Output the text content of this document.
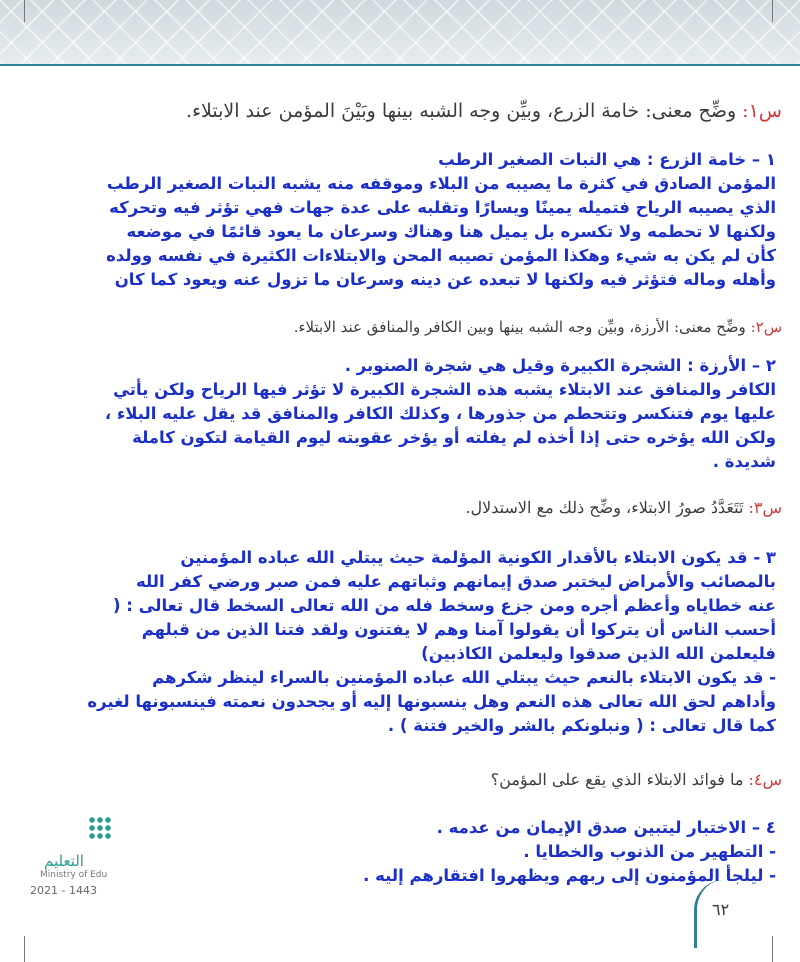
س١: وضِّح معنى: خامة الزرع، وبيِّن وجه الشبه بينها وبَيْنَ المؤمن عند الابتلاء.
١ – خامة الزرع : هي النبات الصغير الرطب
المؤمن الصادق في كثرة ما يصيبه من البلاء وموقفه منه يشبه النبات الصغير الرطب
الذي يصيبه الرياح فتميله يمينًا ويسارًا وتقلبه على عدة جهات فهي تؤثر فيه وتحركه
ولكنها لا تحطمه ولا تكسره بل يميل هنا وهناك وسرعان ما يعود قائمًا في موضعه
كأن لم يكن به شيء وهكذا المؤمن تصيبه المحن والابتلاءات الكثيرة في نفسه وولده
وأهله وماله فتؤثر فيه ولكنها لا تبعده عن دينه وسرعان ما تزول عنه ويعود كما كان
س٢: وضِّح معنى: الأرزة، وبيِّن وجه الشبه بينها وبين الكافر والمنافق عند الابتلاء.
٢ – الأرزة : الشجرة الكبيرة وقيل هي شجرة الصنوبر .
الكافر والمنافق عند الابتلاء يشبه هذه الشجرة الكبيرة لا تؤثر فيها الرياح ولكن يأتي
عليها يوم فتنكسر وتتحطم من جذورها ، وكذلك الكافر والمنافق قد يقل عليه البلاء ،
ولكن الله يؤخره حتى إذا أخذه لم يفلته أو يؤخر عقوبته ليوم القيامة لتكون كاملة
شديدة .
س٣: تَتَعَدَّدُ صورُ الابتلاء، وضِّح ذلك مع الاستدلال.
٣ - قد يكون الابتلاء بالأقدار الكونية المؤلمة حيث يبتلي الله عباده المؤمنين
بالمصائب والأمراض ليختبر صدق إيمانهم وثباتهم عليه فمن صبر ورضي كفر الله
عنه خطاياه وأعظم أجره ومن جزع وسخط فله من الله تعالى السخط قال تعالى : (
أحسب الناس أن يتركوا أن يقولوا آمنا وهم لا يفتنون ولقد فتنا الذين من قبلهم
فليعلمن الله الذين صدقوا وليعلمن الكاذبين)
- قد يكون الابتلاء بالنعم حيث يبتلي الله عباده المؤمنين بالسراء لينظر شكرهم
وأداهم لحق الله تعالى هذه النعم وهل ينسبونها إليه أو يجحدون نعمته فينسبونها لغيره
كما قال تعالى : ( ونبلونكم بالشر والخير فتنة ) .
س٤: ما فوائد الابتلاء الذي يقع على المؤمن؟
٤ – الاختبار ليتبين صدق الإيمان من عدمه .
- التطهير من الذنوب والخطايا .
- ليلجأ المؤمنون إلى ربهم ويظهروا افتقارهم إليه .
التعليم
Ministry of Edu
2021 - 1443
٦٢
